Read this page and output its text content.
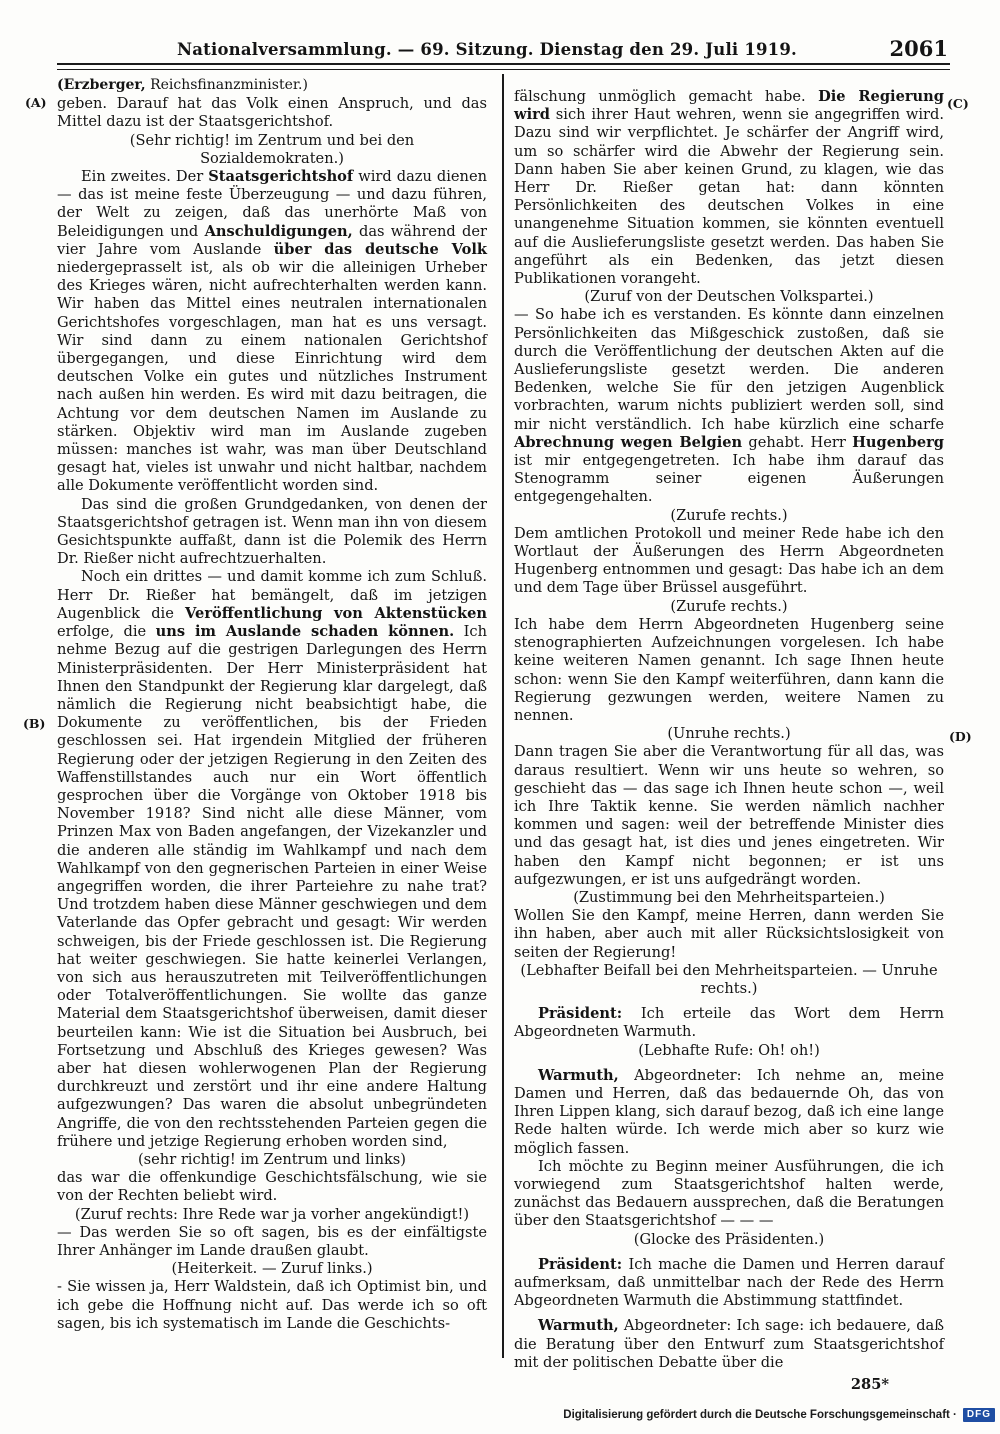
Nationalversammlung. — 69. Sitzung. Dienstag den 29. Juli 1919.	2061
(A)
(B)
(C)
(D)
(Erzberger, Reichsfinanzminister.)
geben. Darauf hat das Volk einen Anspruch, und das Mittel dazu ist der Staatsgerichtshof.
(Sehr richtig! im Zentrum und bei den Sozialdemokraten.)
Ein zweites. Der Staatsgerichtshof wird dazu dienen — das ist meine feste Überzeugung — und dazu führen, der Welt zu zeigen, daß das unerhörte Maß von Beleidigungen und Anschuldigungen, das während der vier Jahre vom Auslande über das deutsche Volk niedergeprasselt ist, als ob wir die alleinigen Urheber des Krieges wären, nicht aufrechterhalten werden kann. Wir haben das Mittel eines neutralen internationalen Gerichtshofes vorgeschlagen, man hat es uns versagt. Wir sind dann zu einem nationalen Gerichtshof übergegangen, und diese Einrichtung wird dem deutschen Volke ein gutes und nützliches Instrument nach außen hin werden. Es wird mit dazu beitragen, die Achtung vor dem deutschen Namen im Auslande zu stärken. Objektiv wird man im Auslande zugeben müssen: manches ist wahr, was man über Deutschland gesagt hat, vieles ist unwahr und nicht haltbar, nachdem alle Dokumente veröffentlicht worden sind.
Das sind die großen Grundgedanken, von denen der Staatsgerichtshof getragen ist. Wenn man ihn von diesem Gesichtspunkte auffaßt, dann ist die Polemik des Herrn Dr. Rießer nicht aufrechtzuerhalten.
Noch ein drittes — und damit komme ich zum Schluß. Herr Dr. Rießer hat bemängelt, daß im jetzigen Augenblick die Veröffentlichung von Aktenstücken erfolge, die uns im Auslande schaden können. Ich nehme Bezug auf die gestrigen Darlegungen des Herrn Ministerpräsidenten. Der Herr Ministerpräsident hat Ihnen den Standpunkt der Regierung klar dargelegt, daß nämlich die Regierung nicht beabsichtigt habe, die Dokumente zu veröffentlichen, bis der Frieden geschlossen sei. Hat irgendein Mitglied der früheren Regierung oder der jetzigen Regierung in den Zeiten des Waffenstillstandes auch nur ein Wort öffentlich gesprochen über die Vorgänge von Oktober 1918 bis November 1918? Sind nicht alle diese Männer, vom Prinzen Max von Baden angefangen, der Vizekanzler und die anderen alle ständig im Wahlkampf und nach dem Wahlkampf von den gegnerischen Parteien in einer Weise angegriffen worden, die ihrer Parteiehre zu nahe trat? Und trotzdem haben diese Männer geschwiegen und dem Vaterlande das Opfer gebracht und gesagt: Wir werden schweigen, bis der Friede geschlossen ist. Die Regierung hat weiter geschwiegen. Sie hatte keinerlei Verlangen, von sich aus herauszutreten mit Teilveröffentlichungen oder Totalveröffentlichungen. Sie wollte das ganze Material dem Staatsgerichtshof überweisen, damit dieser beurteilen kann: Wie ist die Situation bei Ausbruch, bei Fortsetzung und Abschluß des Krieges gewesen? Was aber hat diesen wohlerwogenen Plan der Regierung durchkreuzt und zerstört und ihr eine andere Haltung aufgezwungen? Das waren die absolut unbegründeten Angriffe, die von den rechtsstehenden Parteien gegen die frühere und jetzige Regierung erhoben worden sind,
(sehr richtig! im Zentrum und links)
das war die offenkundige Geschichtsfälschung, wie sie von der Rechten beliebt wird.
(Zuruf rechts: Ihre Rede war ja vorher angekündigt!)
— Das werden Sie so oft sagen, bis es der einfältigste Ihrer Anhänger im Lande draußen glaubt.
(Heiterkeit. — Zuruf links.)
- Sie wissen ja, Herr Waldstein, daß ich Optimist bin, und ich gebe die Hoffnung nicht auf. Das werde ich so oft sagen, bis ich systematisch im Lande die Geschichts-
fälschung unmöglich gemacht habe. Die Regierung wird sich ihrer Haut wehren, wenn sie angegriffen wird. Dazu sind wir verpflichtet. Je schärfer der Angriff wird, um so schärfer wird die Abwehr der Regierung sein. Dann haben Sie aber keinen Grund, zu klagen, wie das Herr Dr. Rießer getan hat: dann könnten Persönlichkeiten des deutschen Volkes in eine unangenehme Situation kommen, sie könnten eventuell auf die Auslieferungsliste gesetzt werden. Das haben Sie angeführt als ein Bedenken, das jetzt diesen Publikationen vorangeht.
(Zuruf von der Deutschen Volkspartei.)
— So habe ich es verstanden. Es könnte dann einzelnen Persönlichkeiten das Mißgeschick zustoßen, daß sie durch die Veröffentlichung der deutschen Akten auf die Auslieferungsliste gesetzt werden. Die anderen Bedenken, welche Sie für den jetzigen Augenblick vorbrachten, warum nichts publiziert werden soll, sind mir nicht verständlich. Ich habe kürzlich eine scharfe Abrechnung wegen Belgien gehabt. Herr Hugenberg ist mir entgegengetreten. Ich habe ihm darauf das Stenogramm seiner eigenen Äußerungen entgegengehalten.
(Zurufe rechts.)
Dem amtlichen Protokoll und meiner Rede habe ich den Wortlaut der Äußerungen des Herrn Abgeordneten Hugenberg entnommen und gesagt: Das habe ich an dem und dem Tage über Brüssel ausgeführt.
(Zurufe rechts.)
Ich habe dem Herrn Abgeordneten Hugenberg seine stenographierten Aufzeichnungen vorgelesen. Ich habe keine weiteren Namen genannt. Ich sage Ihnen heute schon: wenn Sie den Kampf weiterführen, dann kann die Regierung gezwungen werden, weitere Namen zu nennen.
(Unruhe rechts.)
Dann tragen Sie aber die Verantwortung für all das, was daraus resultiert. Wenn wir uns heute so wehren, so geschieht das — das sage ich Ihnen heute schon —, weil ich Ihre Taktik kenne. Sie werden nämlich nachher kommen und sagen: weil der betreffende Minister dies und das gesagt hat, ist dies und jenes eingetreten. Wir haben den Kampf nicht begonnen; er ist uns aufgezwungen, er ist uns aufgedrängt worden.
(Zustimmung bei den Mehrheitsparteien.)
Wollen Sie den Kampf, meine Herren, dann werden Sie ihn haben, aber auch mit aller Rücksichtslosigkeit von seiten der Regierung!
(Lebhafter Beifall bei den Mehrheitsparteien. — Unruhe rechts.)
Präsident: Ich erteile das Wort dem Herrn Abgeordneten Warmuth.
(Lebhafte Rufe: Oh! oh!)
Warmuth, Abgeordneter: Ich nehme an, meine Damen und Herren, daß das bedauernde Oh, das von Ihren Lippen klang, sich darauf bezog, daß ich eine lange Rede halten würde. Ich werde mich aber so kurz wie möglich fassen.
Ich möchte zu Beginn meiner Ausführungen, die ich vorwiegend zum Staatsgerichtshof halten werde, zunächst das Bedauern aussprechen, daß die Beratungen über den Staatsgerichtshof — — —
(Glocke des Präsidenten.)
Präsident: Ich mache die Damen und Herren darauf aufmerksam, daß unmittelbar nach der Rede des Herrn Abgeordneten Warmuth die Abstimmung stattfindet.
Warmuth, Abgeordneter: Ich sage: ich bedauere, daß die Beratung über den Entwurf zum Staatsgerichtshof mit der politischen Debatte über die
285*
Digitalisierung gefördert durch die Deutsche Forschungsgemeinschaft ·	DFG
